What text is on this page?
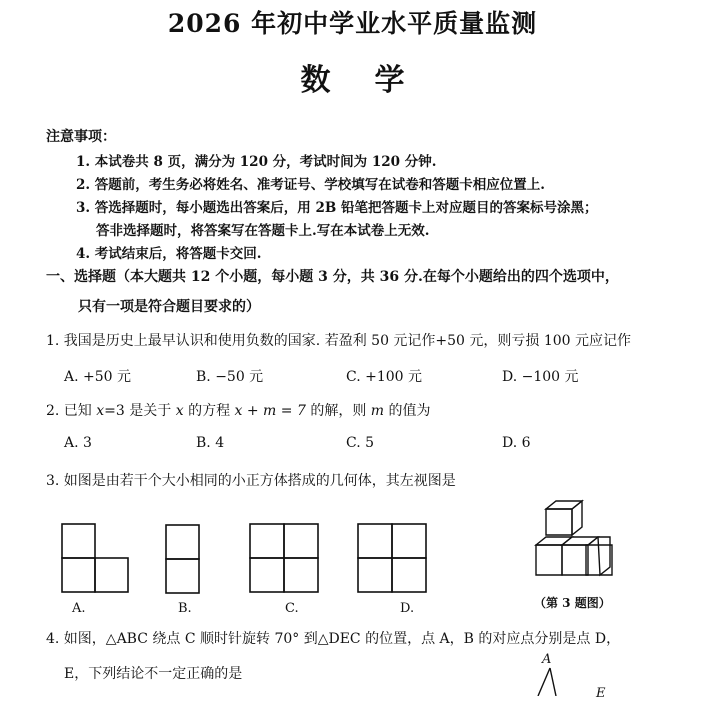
2026 年初中学业水平质量监测
数学
注意事项：
1. 本试卷共 8 页，满分为 120 分，考试时间为 120 分钟.
2. 答题前，考生务必将姓名、准考证号、学校填写在试卷和答题卡相应位置上.
3. 答选择题时，每小题选出答案后，用 2B 铅笔把答题卡上对应题目的答案标号涂黑；
答非选择题时，将答案写在答题卡上.写在本试卷上无效.
4. 考试结束后，将答题卡交回.
一、选择题（本大题共 12 个小题，每小题 3 分，共 36 分.在每个小题给出的四个选项中，
只有一项是符合题目要求的）
1. 我国是历史上最早认识和使用负数的国家. 若盈利 50 元记作+50 元，则亏损 100 元应记作
A. +50 元	B. −50 元	C. +100 元	D. −100 元
2. 已知 x=3 是关于 x 的方程 x + m = 7 的解，则 m 的值为
A. 3	B. 4	C. 5	D. 6
3. 如图是由若干个大小相同的小正方体搭成的几何体，其左视图是
A.	B.	C.	D.	（第 3 题图）
4. 如图，△ABC 绕点 C 顺时针旋转 70° 到△DEC 的位置，点 A，B 的对应点分别是点 D，
E，下列结论不一定正确的是
A
E
